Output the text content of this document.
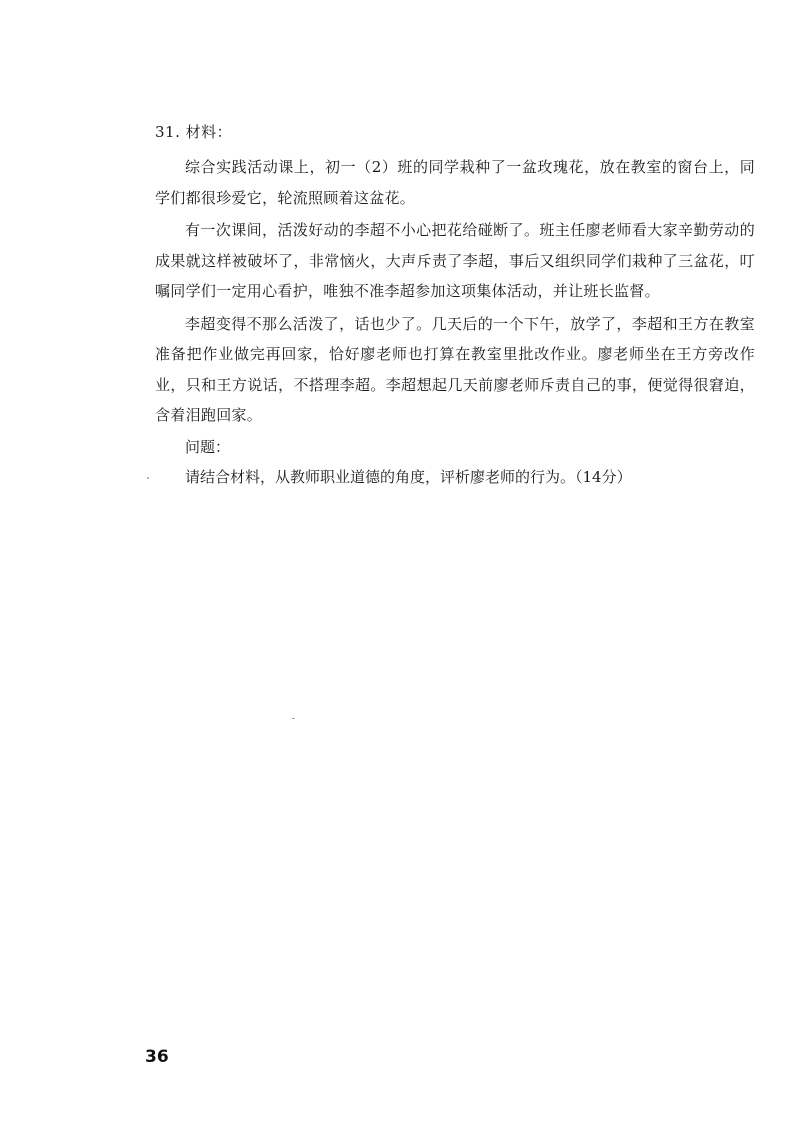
31. 材料：

综合实践活动课上，初一（2）班的同学栽种了一盆玫瑰花，放在教室的窗台上，同学们都很珍爱它，轮流照顾着这盆花。

有一次课间，活泼好动的李超不小心把花给碰断了。班主任廖老师看大家辛勤劳动的成果就这样被破坏了，非常恼火，大声斥责了李超，事后又组织同学们栽种了三盆花，叮嘱同学们一定用心看护，唯独不准李超参加这项集体活动，并让班长监督。

李超变得不那么活泼了，话也少了。几天后的一个下午，放学了，李超和王方在教室准备把作业做完再回家，恰好廖老师也打算在教室里批改作业。廖老师坐在王方旁改作业，只和王方说话，不搭理李超。李超想起几天前廖老师斥责自己的事，便觉得很窘迫，含着泪跑回家。

问题：

请结合材料，从教师职业道德的角度，评析廖老师的行为。（14分）

36
